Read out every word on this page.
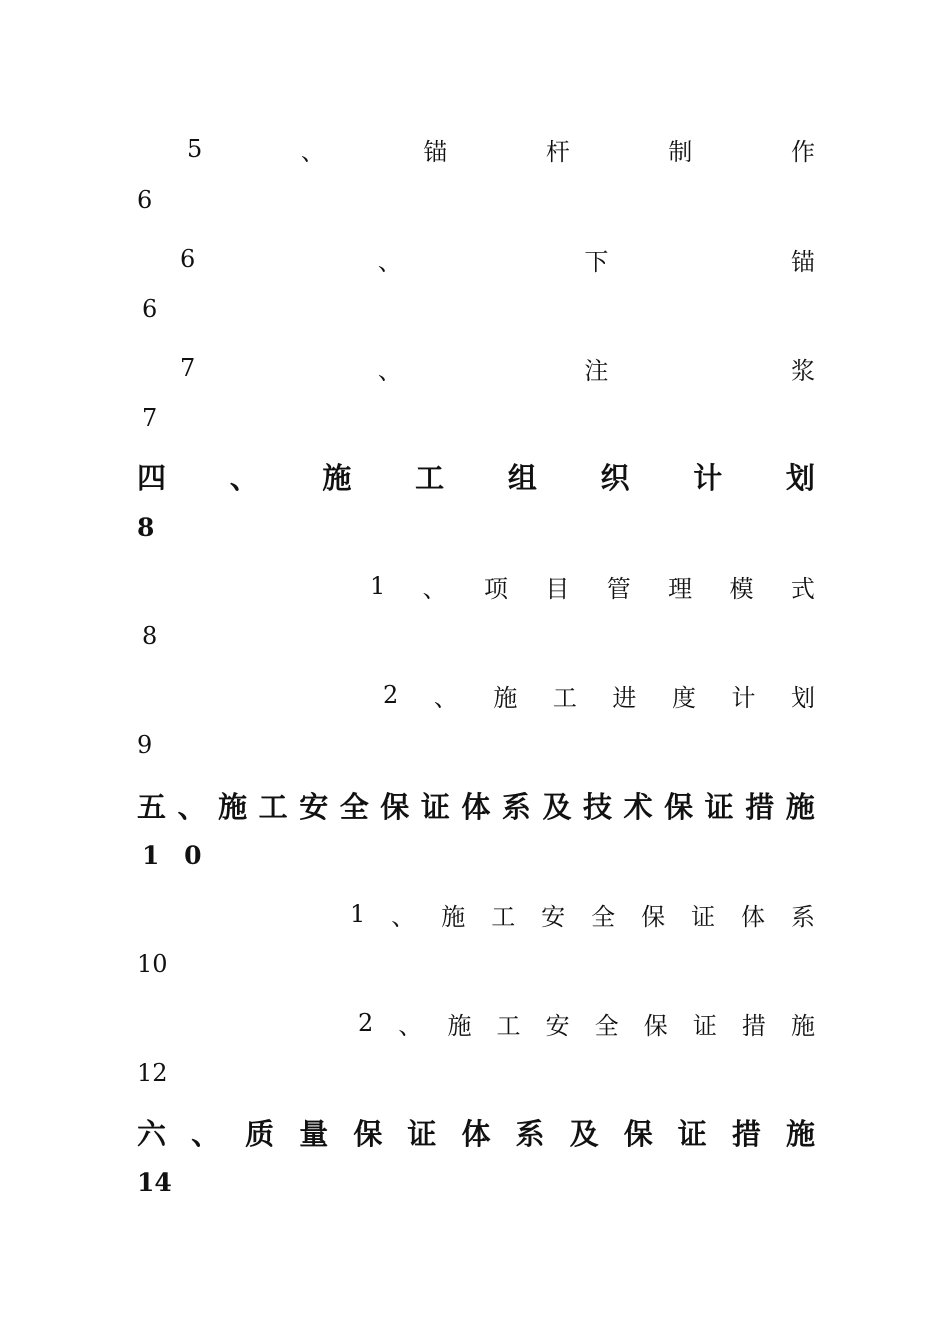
5	、	锚	杆	制	作
6
6	、	下	锚
6
7	、	注	浆
7
四 、 施 工 组 织 计 划
8
1 、 项 目 管 理 模 式
8
2 、 施 工 进 度 计 划
9
五 、 施 工 安 全 保 证 体 系 及 技 术 保 证 措 施
1 0
1 、 施 工 安 全 保 证 体 系
10
2 、 施 工 安 全 保 证 措 施
12
六 、 质 量 保 证 体 系 及 保 证 措 施
14
